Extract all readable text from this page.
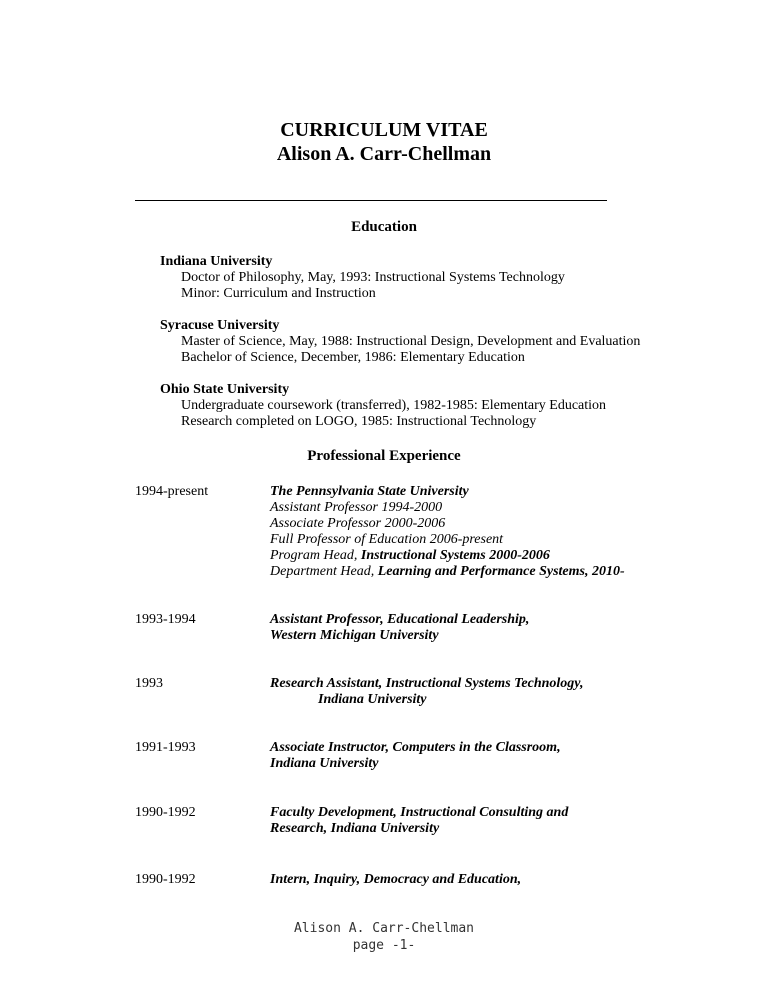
CURRICULUM VITAE
Alison A. Carr-Chellman
Education
Indiana University
Doctor of Philosophy, May, 1993: Instructional Systems Technology
Minor: Curriculum and Instruction
Syracuse University
Master of Science, May, 1988: Instructional Design, Development and Evaluation
Bachelor of Science, December, 1986: Elementary Education
Ohio State University
Undergraduate coursework (transferred), 1982-1985: Elementary Education
Research completed on LOGO, 1985: Instructional Technology
Professional Experience
1994-present	The Pennsylvania State University
Assistant Professor 1994-2000
Associate Professor 2000-2006
Full Professor of Education 2006-present
Program Head, Instructional Systems 2000-2006
Department Head, Learning and Performance Systems, 2010-
1993-1994	Assistant Professor, Educational Leadership,
Western Michigan University
1993	Research Assistant, Instructional Systems Technology,
Indiana University
1991-1993	Associate Instructor, Computers in the Classroom,
Indiana University
1990-1992	Faculty Development, Instructional Consulting and
Research, Indiana University
1990-1992	Intern, Inquiry, Democracy and Education,
Alison A. Carr-Chellman
page -1-
